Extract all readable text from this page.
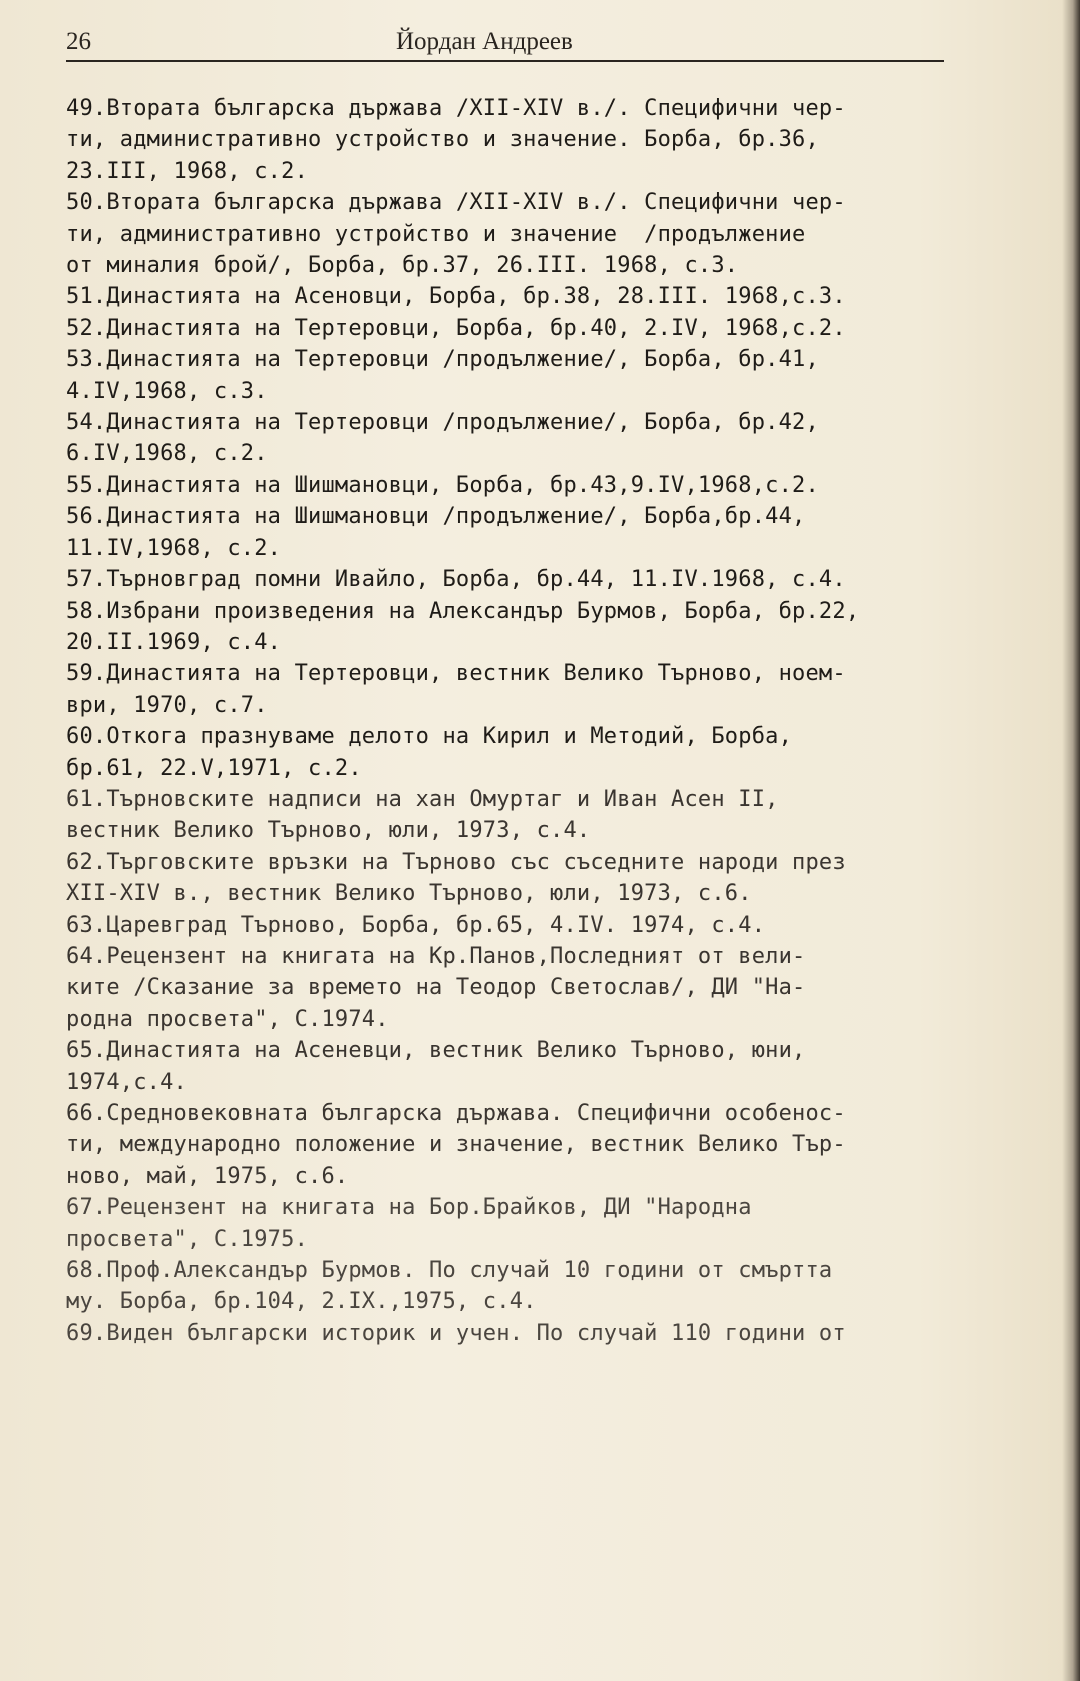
26	Йордан Андреев
49.Втората българска държава /XII-XIV в./. Специфични чер-
ти, административно устройство и значение. Борба, бр.36,
23.III, 1968, с.2.
50.Втората българска държава /XII-XIV в./. Специфични чер-
ти, административно устройство и значение  /продължение
от миналия брой/, Борба, бр.37, 26.III. 1968, с.3.
51.Династията на Асеновци, Борба, бр.38, 28.III. 1968,с.3.
52.Династията на Тертеровци, Борба, бр.40, 2.IV, 1968,с.2.
53.Династията на Тертеровци /продължение/, Борба, бр.41,
4.IV,1968, с.3.
54.Династията на Тертеровци /продължение/, Борба, бр.42,
6.IV,1968, с.2.
55.Династията на Шишмановци, Борба, бр.43,9.IV,1968,с.2.
56.Династията на Шишмановци /продължение/, Борба,бр.44,
11.IV,1968, с.2.
57.Търновград помни Ивайло, Борба, бр.44, 11.IV.1968, с.4.
58.Избрани произведения на Александър Бурмов, Борба, бр.22,
20.II.1969, с.4.
59.Династията на Тертеровци, вестник Велико Търново, ноем-
ври, 1970, с.7.
60.Откога празнуваме делото на Кирил и Методий, Борба,
бр.61, 22.V,1971, с.2.
61.Търновските надписи на хан Омуртаг и Иван Асен II,
вестник Велико Търново, юли, 1973, с.4.
62.Търговските връзки на Търново със съседните народи през
XII-XIV в., вестник Велико Търново, юли, 1973, с.6.
63.Царевград Търново, Борба, бр.65, 4.IV. 1974, с.4.
64.Рецензент на книгата на Кр.Панов,Последният от вели-
ките /Сказание за времето на Теодор Светослав/, ДИ "На-
родна просвета", С.1974.
65.Династията на Асеневци, вестник Велико Търново, юни,
1974,с.4.
66.Средновековната българска държава. Специфични особенос-
ти, международно положение и значение, вестник Велико Тър-
ново, май, 1975, с.6.
67.Рецензент на книгата на Бор.Брайков, ДИ "Народна
просвета", С.1975.
68.Проф.Александър Бурмов. По случай 10 години от смъртта
му. Борба, бр.104, 2.IX.,1975, с.4.
69.Виден български историк и учен. По случай 110 години от
